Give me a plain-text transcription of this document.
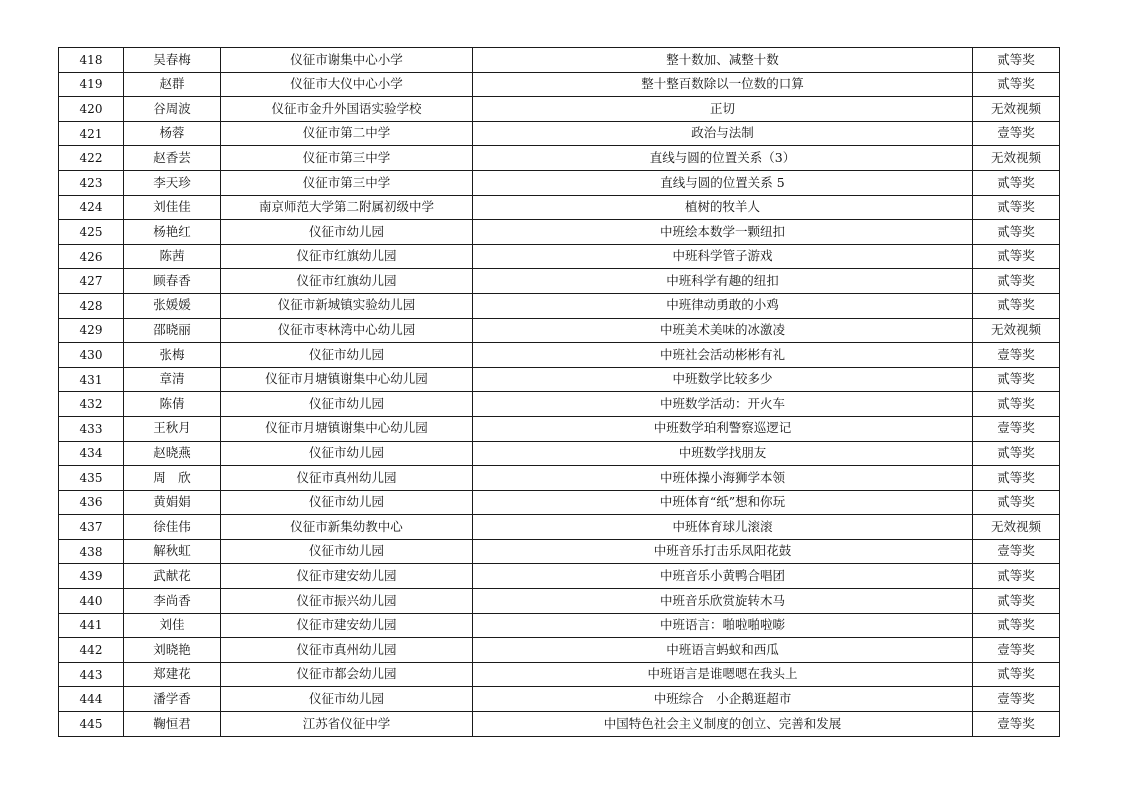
418	吴春梅	仪征市谢集中心小学	整十数加、减整十数	贰等奖
419	赵群	仪征市大仪中心小学	整十整百数除以一位数的口算	贰等奖
420	谷周波	仪征市金升外国语实验学校	正切	无效视频
421	杨蓉	仪征市第二中学	政治与法制	壹等奖
422	赵香芸	仪征市第三中学	直线与圆的位置关系（3）	无效视频
423	李天珍	仪征市第三中学	直线与圆的位置关系 5	贰等奖
424	刘佳佳	南京师范大学第二附属初级中学	植树的牧羊人	贰等奖
425	杨艳红	仪征市幼儿园	中班绘本数学一颗纽扣	贰等奖
426	陈茜	仪征市红旗幼儿园	中班科学管子游戏	贰等奖
427	顾春香	仪征市红旗幼儿园	中班科学有趣的纽扣	贰等奖
428	张媛媛	仪征市新城镇实验幼儿园	中班律动勇敢的小鸡	贰等奖
429	邵晓丽	仪征市枣林湾中心幼儿园	中班美术美味的冰激凌	无效视频
430	张梅	仪征市幼儿园	中班社会活动彬彬有礼	壹等奖
431	章清	仪征市月塘镇谢集中心幼儿园	中班数学比较多少	贰等奖
432	陈倩	仪征市幼儿园	中班数学活动：开火车	贰等奖
433	王秋月	仪征市月塘镇谢集中心幼儿园	中班数学珀利警察巡逻记	壹等奖
434	赵晓燕	仪征市幼儿园	中班数学找朋友	贰等奖
435	周　欣	仪征市真州幼儿园	中班体操小海狮学本领	贰等奖
436	黄娟娟	仪征市幼儿园	中班体育“纸”想和你玩	贰等奖
437	徐佳伟	仪征市新集幼教中心	中班体育球儿滚滚	无效视频
438	解秋虹	仪征市幼儿园	中班音乐打击乐凤阳花鼓	壹等奖
439	武献花	仪征市建安幼儿园	中班音乐小黄鸭合唱团	贰等奖
440	李尚香	仪征市振兴幼儿园	中班音乐欣赏旋转木马	贰等奖
441	刘佳	仪征市建安幼儿园	中班语言：啪啦啪啦嘭	贰等奖
442	刘晓艳	仪征市真州幼儿园	中班语言蚂蚁和西瓜	壹等奖
443	郑建花	仪征市都会幼儿园	中班语言是谁嗯嗯在我头上	贰等奖
444	潘学香	仪征市幼儿园	中班综合　小企鹅逛超市	壹等奖
445	鞠恒君	江苏省仪征中学	中国特色社会主义制度的创立、完善和发展	壹等奖
